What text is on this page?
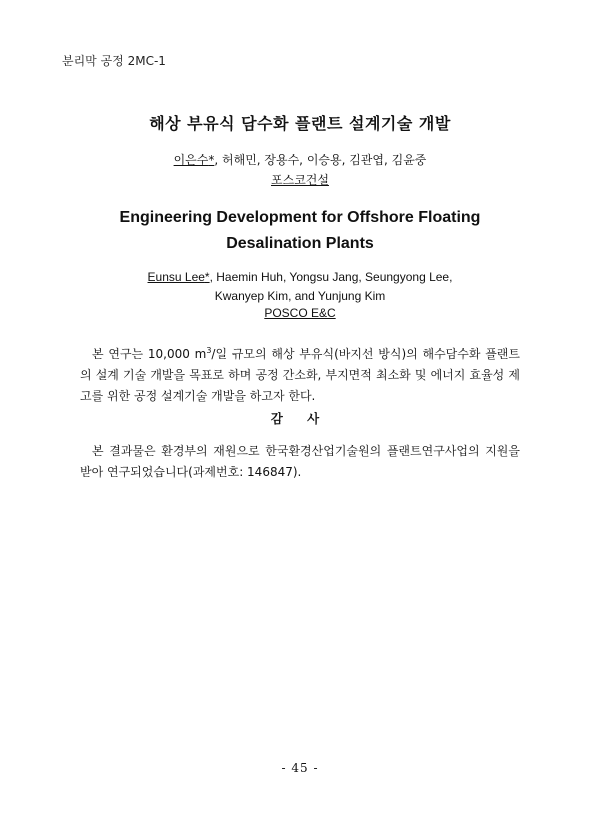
분리막 공정 2MC-1
해상 부유식 담수화 플랜트 설계기술 개발
이은수*, 허해민, 장용수, 이승용, 김관엽, 김윤중
포스코건설
Engineering Development for Offshore Floating Desalination Plants
Eunsu Lee*, Haemin Huh, Yongsu Jang, Seungyong Lee, Kwanyep Kim, and Yunjung Kim
POSCO E&C
본 연구는 10,000 $m^3/$일 규모의 해상 부유식(바지선 방식)의 해수담수화 플랜트의 설계 기술 개발을 목표로 하며 공정 간소화, 부지면적 최소화 및 에너지 효율성 제고를 위한 공정 설계기술 개발을 하고자 한다.
감 사
본 결과물은 환경부의 재원으로 한국환경산업기술원의 플랜트연구사업의 지원을 받아 연구되었습니다(과제번호: 146847).
- 45 -
